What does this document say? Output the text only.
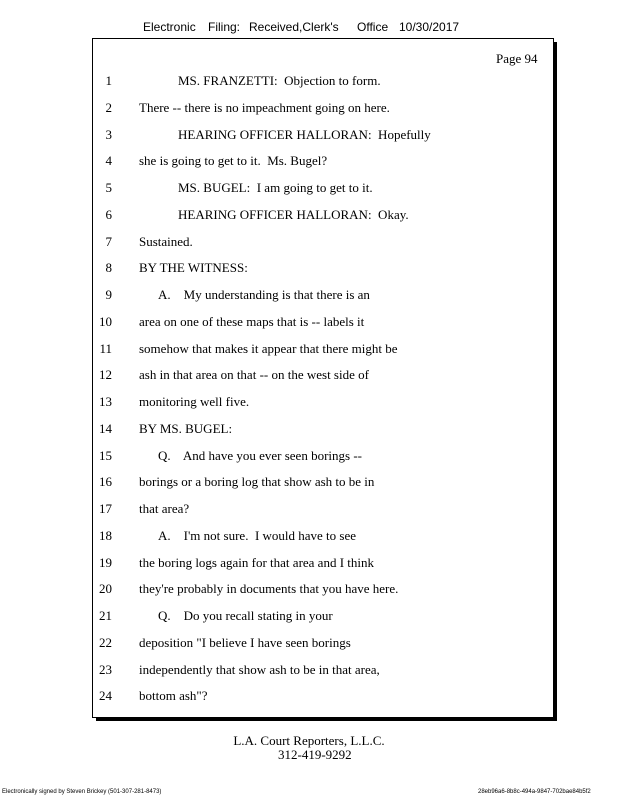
Electronic Filing: Received,Clerk's Office 10/30/2017
Page 94
1	MS. FRANZETTI:  Objection to form.
2 There -- there is no impeachment going on here.
3	HEARING OFFICER HALLORAN:  Hopefully
4 she is going to get to it.  Ms. Bugel?
5	MS. BUGEL:  I am going to get to it.
6	HEARING OFFICER HALLORAN:  Okay.
7 Sustained.
8 BY THE WITNESS:
9	A.    My understanding is that there is an
10 area on one of these maps that is -- labels it
11 somehow that makes it appear that there might be
12 ash in that area on that -- on the west side of
13 monitoring well five.
14 BY MS. BUGEL:
15	Q.    And have you ever seen borings --
16 borings or a boring log that show ash to be in
17 that area?
18	A.    I'm not sure.  I would have to see
19 the boring logs again for that area and I think
20 they're probably in documents that you have here.
21	Q.    Do you recall stating in your
22 deposition "I believe I have seen borings
23 independently that show ash to be in that area,
24 bottom ash"?
L.A. Court Reporters, L.L.C.
312-419-9292
Electronically signed by Steven Brickey (501-307-281-8473)	28eb96a6-8b8c-494a-9847-702bae84b5f2
